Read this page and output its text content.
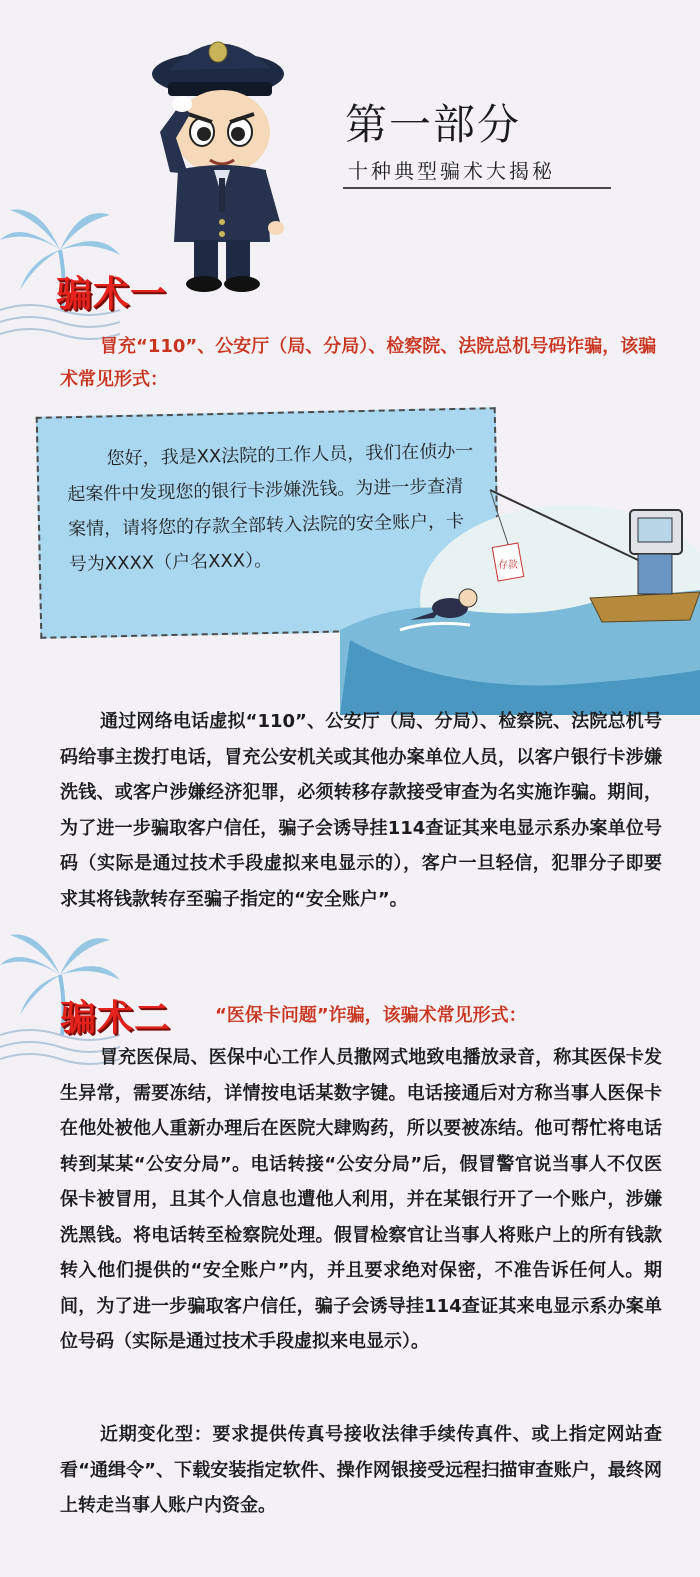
第一部分
十种典型骗术大揭秘
骗术一
冒充“110”、公安厅（局、分局）、检察院、法院总机号码诈骗，该骗术常见形式：
您好，我是XX法院的工作人员，我们在侦办一起案件中发现您的银行卡涉嫌洗钱。为进一步查清案情，请将您的存款全部转入法院的安全账户，卡号为XXXX（户名XXX）。	存款
通过网络电话虚拟“110”、公安厅（局、分局）、检察院、法院总机号码给事主拨打电话，冒充公安机关或其他办案单位人员，以客户银行卡涉嫌洗钱、或客户涉嫌经济犯罪，必须转移存款接受审查为名实施诈骗。期间，为了进一步骗取客户信任，骗子会诱导挂114查证其来电显示系办案单位号码（实际是通过技术手段虚拟来电显示的），客户一旦轻信，犯罪分子即要求其将钱款转存至骗子指定的“安全账户”。
骗术二 “医保卡问题”诈骗，该骗术常见形式：
冒充医保局、医保中心工作人员撒网式地致电播放录音，称其医保卡发生异常，需要冻结，详情按电话某数字键。电话接通后对方称当事人医保卡在他处被他人重新办理后在医院大肆购药，所以要被冻结。他可帮忙将电话转到某某“公安分局”。电话转接“公安分局”后，假冒警官说当事人不仅医保卡被冒用，且其个人信息也遭他人利用，并在某银行开了一个账户，涉嫌洗黑钱。将电话转至检察院处理。假冒检察官让当事人将账户上的所有钱款转入他们提供的“安全账户”内，并且要求绝对保密，不准告诉任何人。期间，为了进一步骗取客户信任，骗子会诱导挂114查证其来电显示系办案单位号码（实际是通过技术手段虚拟来电显示）。
近期变化型：要求提供传真号接收法律手续传真件、或上指定网站查看“通缉令”、下载安装指定软件、操作网银接受远程扫描审查账户，最终网上转走当事人账户内资金。
